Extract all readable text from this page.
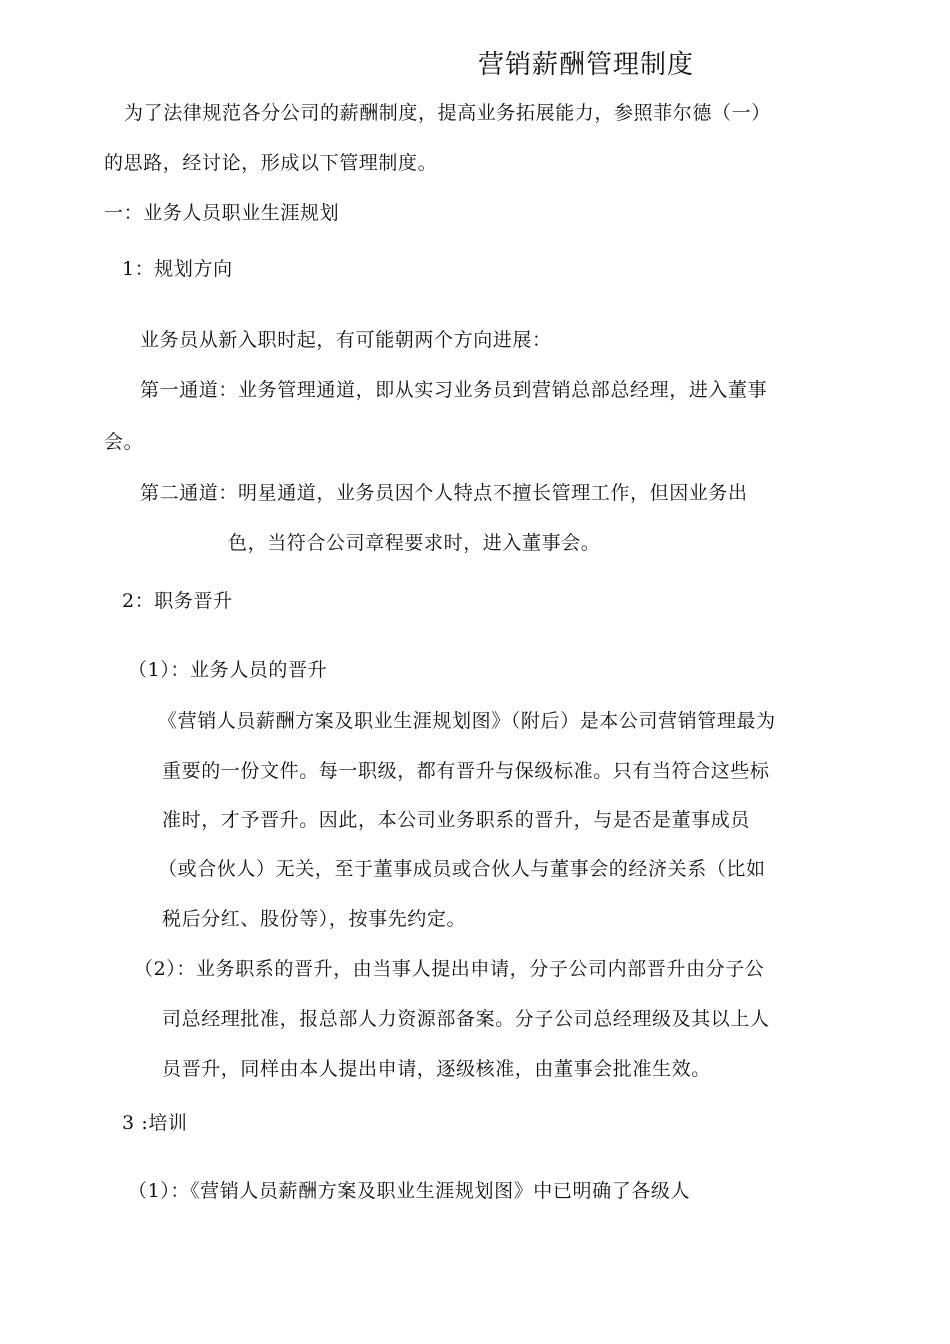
营销薪酬管理制度
为了法律规范各分公司的薪酬制度，提高业务拓展能力，参照菲尔德（一）
的思路，经讨论，形成以下管理制度。
一：业务人员职业生涯规划
1：规划方向
业务员从新入职时起，有可能朝两个方向进展：
第一通道：业务管理通道，即从实习业务员到营销总部总经理，进入董事
会。
第二通道：明星通道，业务员因个人特点不擅长管理工作，但因业务出
色，当符合公司章程要求时，进入董事会。
2：职务晋升
（1）：业务人员的晋升
《营销人员薪酬方案及职业生涯规划图》（附后）是本公司营销管理最为
重要的一份文件。每一职级，都有晋升与保级标准。只有当符合这些标
准时，才予晋升。因此，本公司业务职系的晋升，与是否是董事成员
（或合伙人）无关，至于董事成员或合伙人与董事会的经济关系（比如
税后分红、股份等），按事先约定。
（2）：业务职系的晋升，由当事人提出申请，分子公司内部晋升由分子公
司总经理批准，报总部人力资源部备案。分子公司总经理级及其以上人
员晋升，同样由本人提出申请，逐级核准，由董事会批准生效。
3 :培训
（1）：《营销人员薪酬方案及职业生涯规划图》中已明确了各级人
